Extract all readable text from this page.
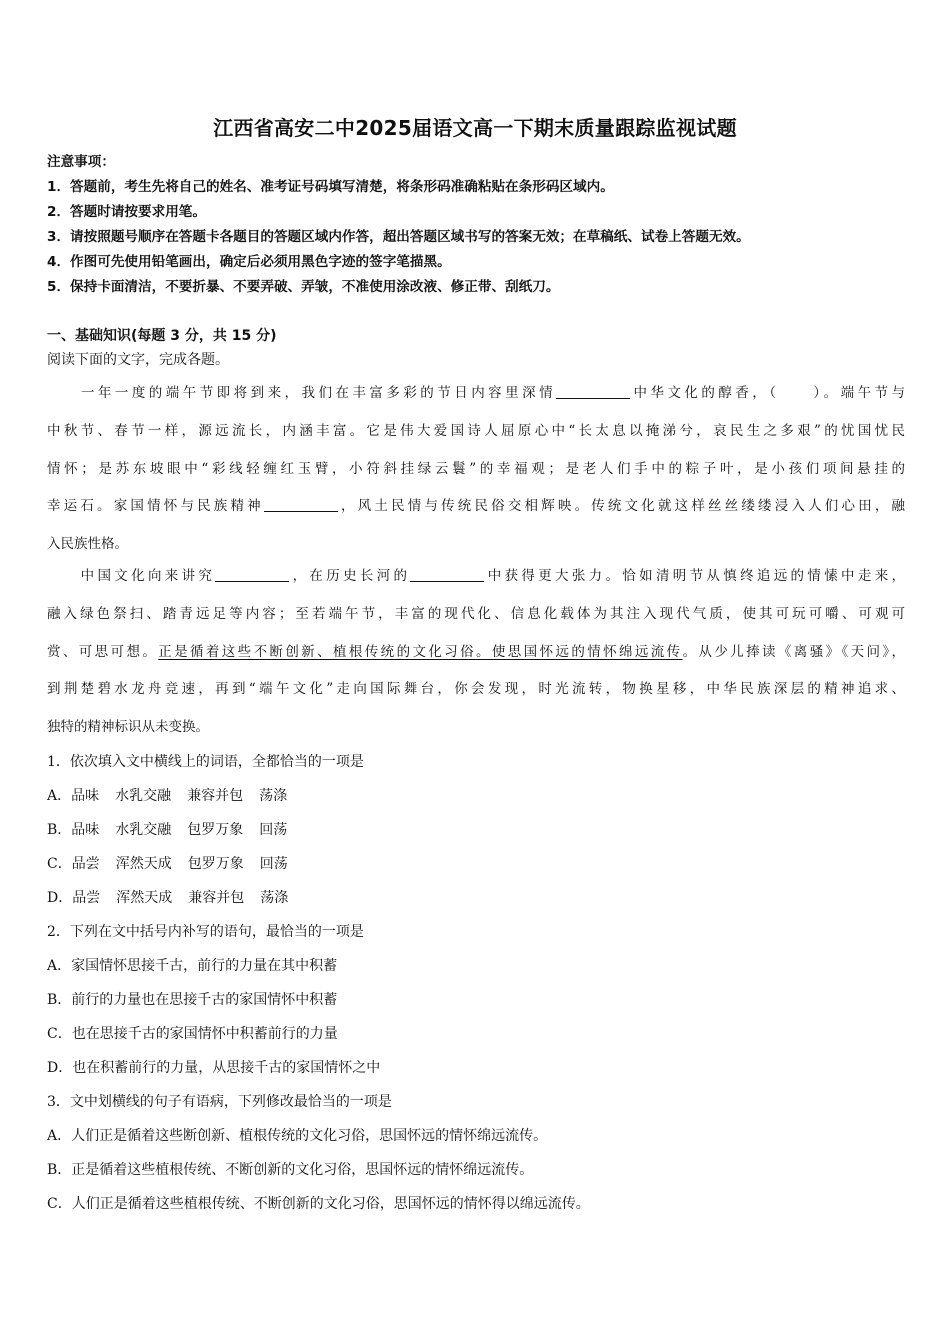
江西省高安二中2025届语文高一下期末质量跟踪监视试题
注意事项：
1．答题前，考生先将自己的姓名、准考证号码填写清楚，将条形码准确粘贴在条形码区域内。
2．答题时请按要求用笔。
3．请按照题号顺序在答题卡各题目的答题区域内作答，超出答题区域书写的答案无效；在草稿纸、试卷上答题无效。
4．作图可先使用铅笔画出，确定后必须用黑色字迹的签字笔描黑。
5．保持卡面清洁，不要折暴、不要弄破、弄皱，不准使用涂改液、修正带、刮纸刀。
一、基础知识(每题 3 分，共 15 分)
阅读下面的文字，完成各题。
　　一年一度的端午节即将到来，我们在丰富多彩的节日内容里深情	中华文化的醇香，（　　）。端午节与
中秋节、春节一样，源远流长，内涵丰富。它是伟大爱国诗人屈原心中“长太息以掩涕兮，哀民生之多艰”的忧国忧民
情怀；是苏东坡眼中“彩线轻缠红玉臂，小符斜挂绿云鬟”的幸福观；是老人们手中的粽子叶，是小孩们项间悬挂的
幸运石。家国情怀与民族精神	，风土民情与传统民俗交相辉映。传统文化就这样丝丝缕缕浸入人们心田，融
入民族性格。
　　中国文化向来讲究	，在历史长河的	中获得更大张力。恰如清明节从慎终追远的情愫中走来，
融入绿色祭扫、踏青远足等内容；至若端午节，丰富的现代化、信息化载体为其注入现代气质，使其可玩可嚼、可观可
赏、可思可想。正是循着这些不断创新、植根传统的文化习俗。使思国怀远的情怀绵远流传。从少儿捧读《离骚》《天问》，
到荆楚碧水龙舟竞速，再到“端午文化”走向国际舞台，你会发现，时光流转，物换星移，中华民族深层的精神追求、
独特的精神标识从未变换。
1．依次填入文中横线上的词语，全都恰当的一项是
A．品味 水乳交融 兼容并包 荡涤
B．品味 水乳交融 包罗万象 回荡
C．品尝 浑然天成 包罗万象 回荡
D．品尝 浑然天成 兼容并包 荡涤
2．下列在文中括号内补写的语句，最恰当的一项是
A．家国情怀思接千古，前行的力量在其中积蓄
B．前行的力量也在思接千古的家国情怀中积蓄
C．也在思接千古的家国情怀中积蓄前行的力量
D．也在积蓄前行的力量，从思接千古的家国情怀之中
3．文中划横线的句子有语病，下列修改最恰当的一项是
A．人们正是循着这些断创新、植根传统的文化习俗，思国怀远的情怀绵远流传。
B．正是循着这些植根传统、不断创新的文化习俗，思国怀远的情怀绵远流传。
C．人们正是循着这些植根传统、不断创新的文化习俗，思国怀远的情怀得以绵远流传。
